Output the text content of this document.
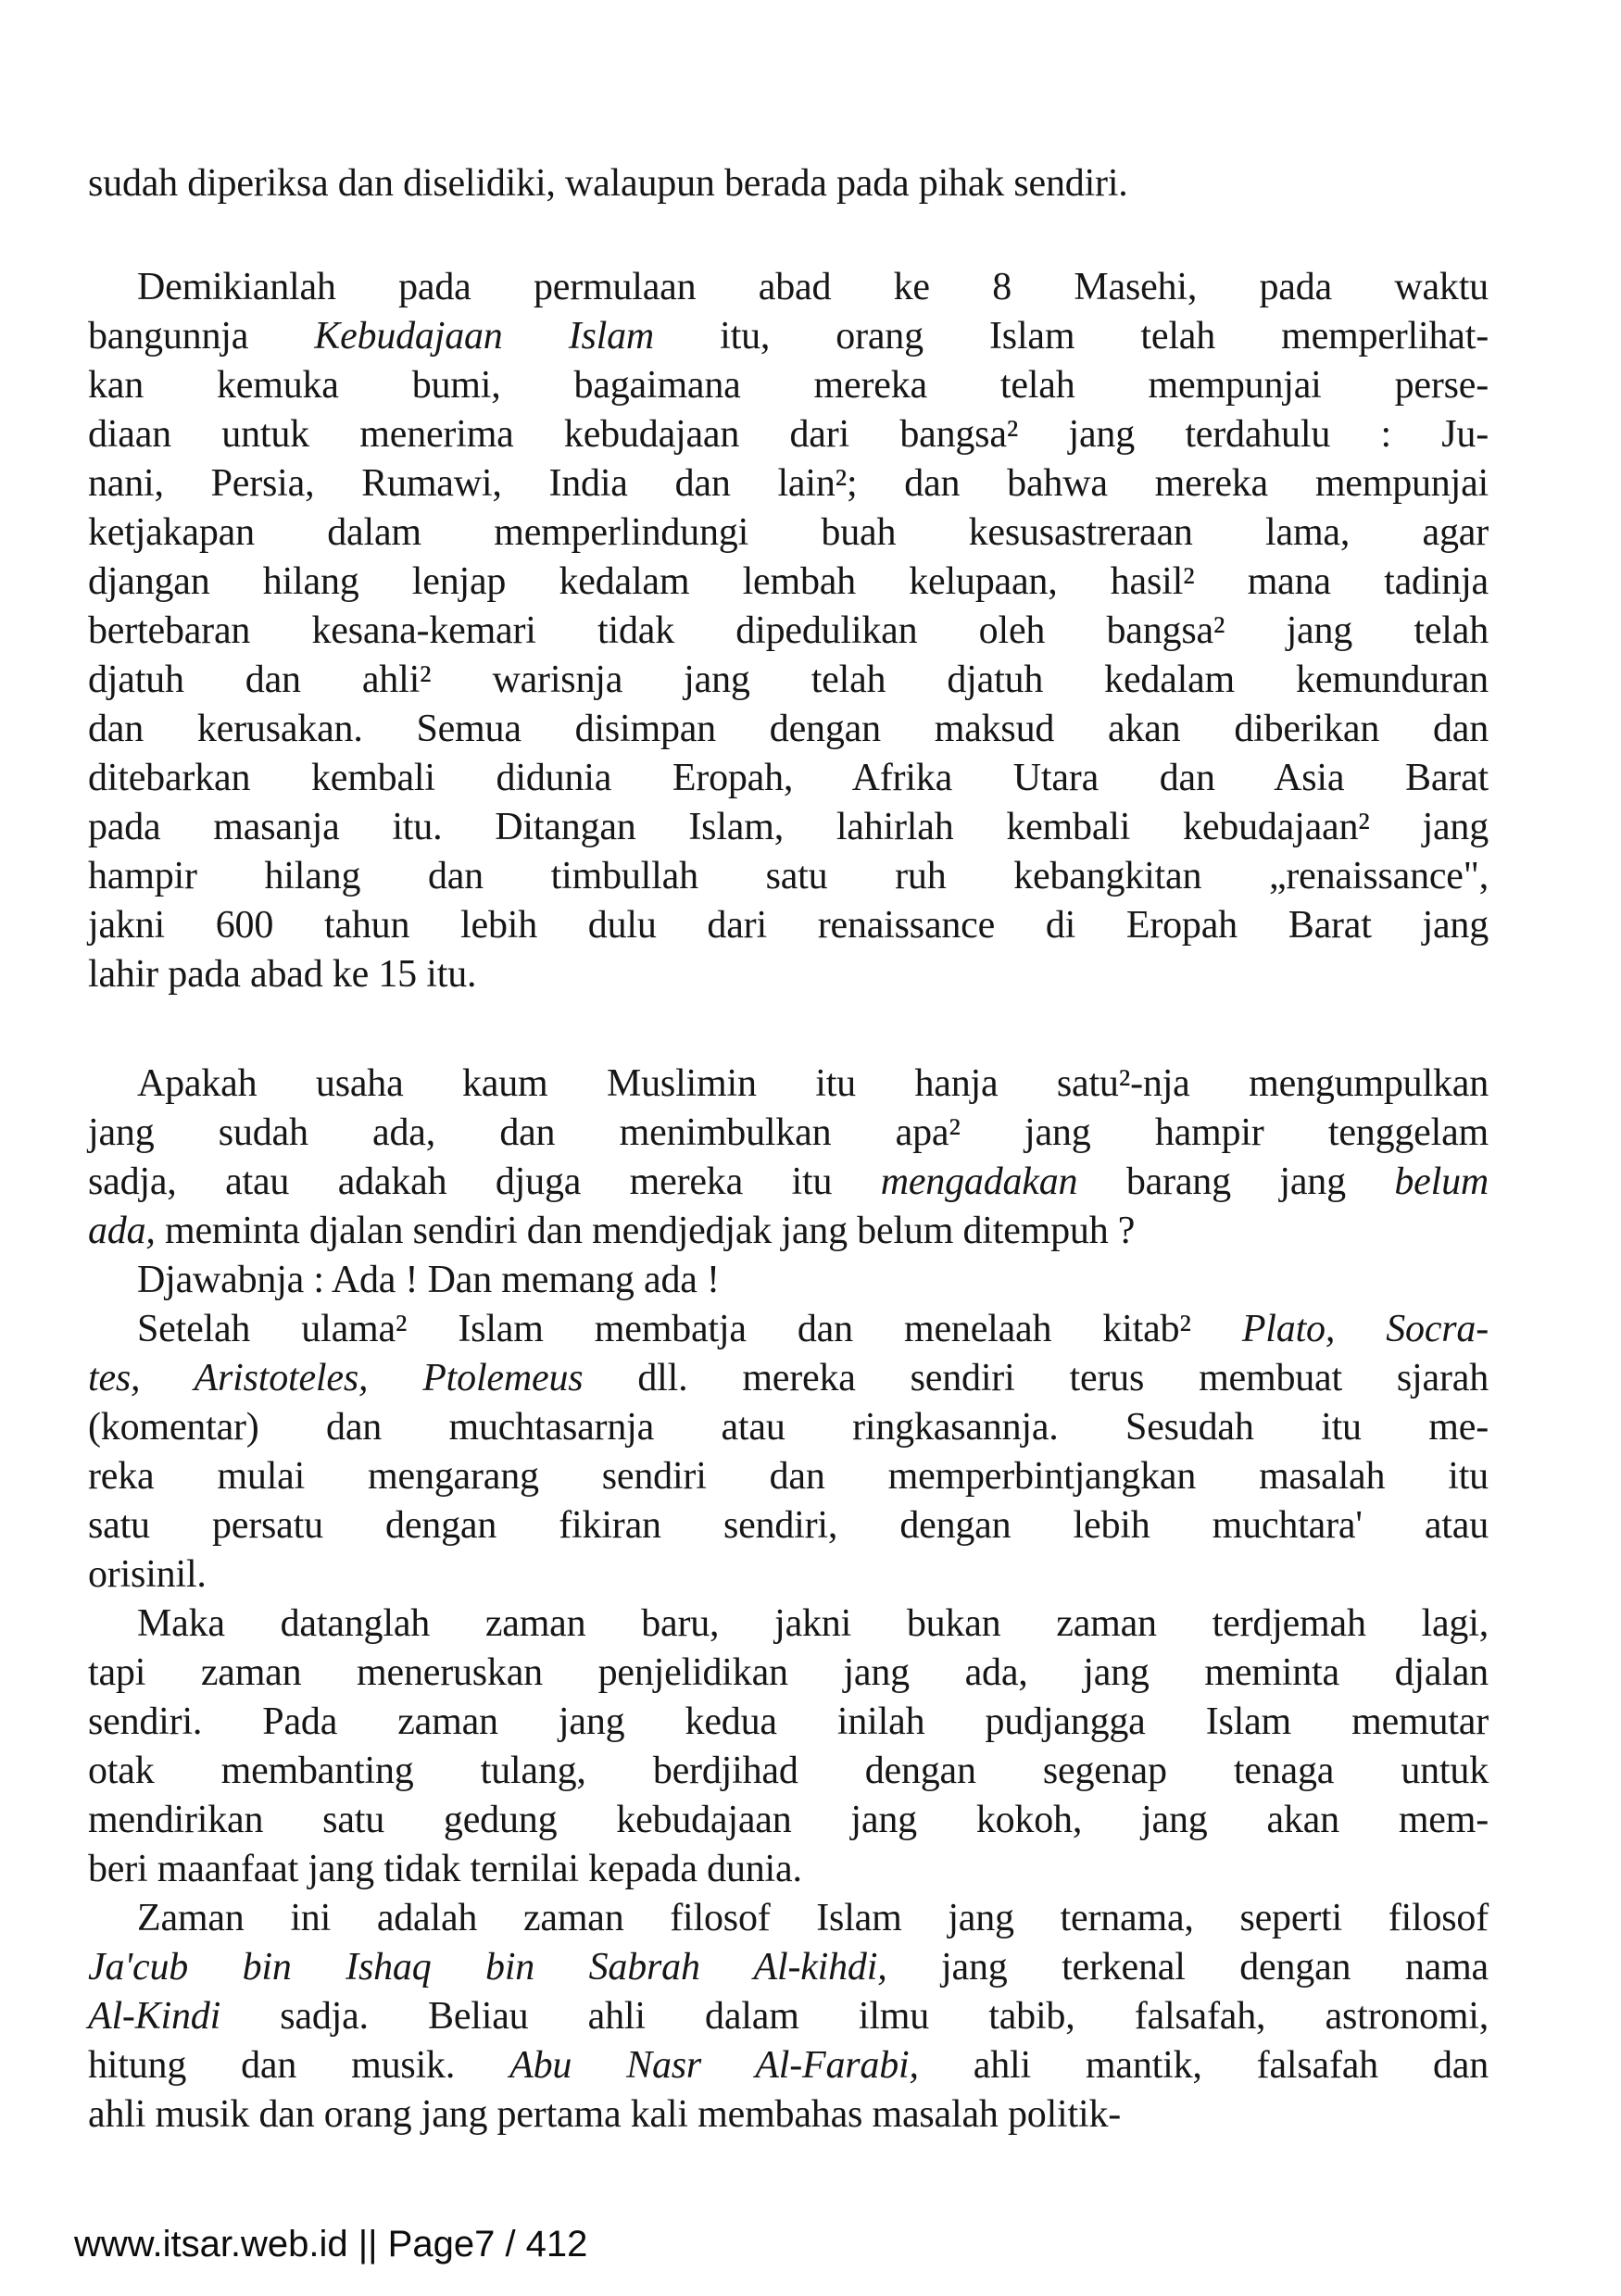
sudah diperiksa dan diselidiki, walaupun berada pada pihak sendiri.
Demikianlah pada permulaan abad ke 8 Masehi, pada waktu
bangunnja Kebudajaan Islam itu, orang Islam telah memperlihat-
kan kemuka bumi, bagaimana mereka telah mempunjai perse-
diaan untuk menerima kebudajaan dari bangsa² jang terdahulu : Ju-
nani, Persia, Rumawi, India dan lain²; dan bahwa mereka mempunjai
ketjakapan dalam memperlindungi buah kesusastreraan lama, agar
djangan hilang lenjap kedalam lembah kelupaan, hasil² mana tadinja
bertebaran kesana-kemari tidak dipedulikan oleh bangsa² jang telah
djatuh dan ahli² warisnja jang telah djatuh kedalam kemunduran
dan kerusakan. Semua disimpan dengan maksud akan diberikan dan
ditebarkan kembali didunia Eropah, Afrika Utara dan Asia Barat
pada masanja itu. Ditangan Islam, lahirlah kembali kebudajaan² jang
hampir hilang dan timbullah satu ruh kebangkitan „renaissance",
jakni 600 tahun lebih dulu dari renaissance di Eropah Barat jang
lahir pada abad ke 15 itu.
Apakah usaha kaum Muslimin itu hanja satu²-nja mengumpulkan
jang sudah ada, dan menimbulkan apa² jang hampir tenggelam
sadja, atau adakah djuga mereka itu mengadakan barang jang belum
ada, meminta djalan sendiri dan mendjedjak jang belum ditempuh ?
Djawabnja : Ada ! Dan memang ada !
Setelah ulama² Islam membatja dan menelaah kitab² Plato, Socra-
tes, Aristoteles, Ptolemeus dll. mereka sendiri terus membuat sjarah
(komentar) dan muchtasarnja atau ringkasannja. Sesudah itu me-
reka mulai mengarang sendiri dan memperbintjangkan masalah itu
satu persatu dengan fikiran sendiri, dengan lebih muchtara' atau
orisinil.
Maka datanglah zaman baru, jakni bukan zaman terdjemah lagi,
tapi zaman meneruskan penjelidikan jang ada, jang meminta djalan
sendiri. Pada zaman jang kedua inilah pudjangga Islam memutar
otak membanting tulang, berdjihad dengan segenap tenaga untuk
mendirikan satu gedung kebudajaan jang kokoh, jang akan mem-
beri maanfaat jang tidak ternilai kepada dunia.
Zaman ini adalah zaman filosof Islam jang ternama, seperti filosof
Ja'cub bin Ishaq bin Sabrah Al-kihdi, jang terkenal dengan nama
Al-Kindi sadja. Beliau ahli dalam ilmu tabib, falsafah, astronomi,
hitung dan musik. Abu Nasr Al-Farabi, ahli mantik, falsafah dan
ahli musik dan orang jang pertama kali membahas masalah politik-
www.itsar.web.id || Page7 / 412
